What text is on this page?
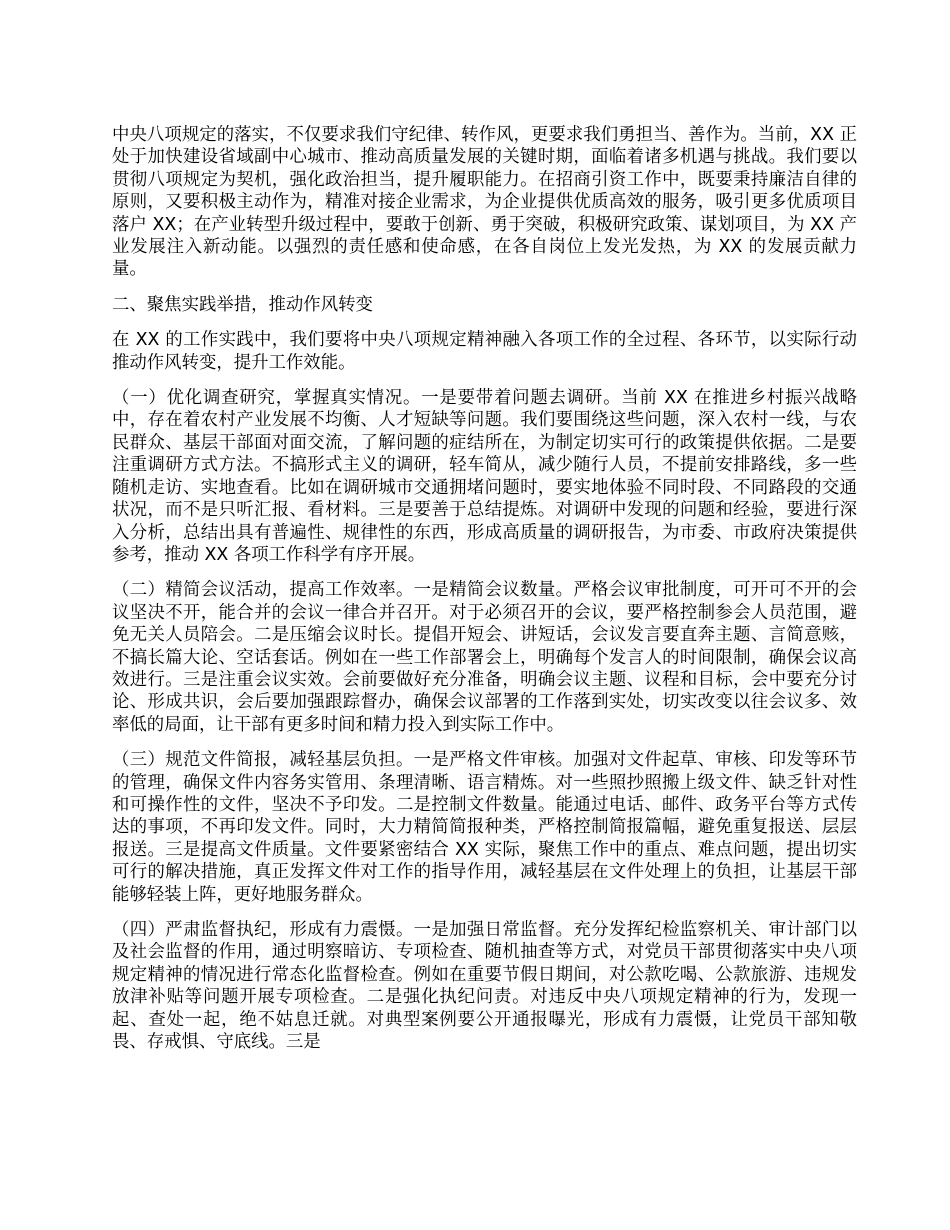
中央八项规定的落实，不仅要求我们守纪律、转作风，更要求我们勇担当、善作为。当前，XX 正处于加快建设省域副中心城市、推动高质量发展的关键时期，面临着诸多机遇与挑战。我们要以贯彻八项规定为契机，强化政治担当，提升履职能力。在招商引资工作中，既要秉持廉洁自律的原则，又要积极主动作为，精准对接企业需求，为企业提供优质高效的服务，吸引更多优质项目落户 XX；在产业转型升级过程中，要敢于创新、勇于突破，积极研究政策、谋划项目，为 XX 产业发展注入新动能。以强烈的责任感和使命感，在各自岗位上发光发热，为 XX 的发展贡献力量。

二、聚焦实践举措，推动作风转变

在 XX 的工作实践中，我们要将中央八项规定精神融入各项工作的全过程、各环节，以实际行动推动作风转变，提升工作效能。

（一）优化调查研究，掌握真实情况。一是要带着问题去调研。当前 XX 在推进乡村振兴战略中，存在着农村产业发展不均衡、人才短缺等问题。我们要围绕这些问题，深入农村一线，与农民群众、基层干部面对面交流，了解问题的症结所在，为制定切实可行的政策提供依据。二是要注重调研方式方法。不搞形式主义的调研，轻车简从，减少随行人员，不提前安排路线，多一些随机走访、实地查看。比如在调研城市交通拥堵问题时，要实地体验不同时段、不同路段的交通状况，而不是只听汇报、看材料。三是要善于总结提炼。对调研中发现的问题和经验，要进行深入分析，总结出具有普遍性、规律性的东西，形成高质量的调研报告，为市委、市政府决策提供参考，推动 XX 各项工作科学有序开展。

（二）精简会议活动，提高工作效率。一是精简会议数量。严格会议审批制度，可开可不开的会议坚决不开，能合并的会议一律合并召开。对于必须召开的会议，要严格控制参会人员范围，避免无关人员陪会。二是压缩会议时长。提倡开短会、讲短话，会议发言要直奔主题、言简意赅，不搞长篇大论、空话套话。例如在一些工作部署会上，明确每个发言人的时间限制，确保会议高效进行。三是注重会议实效。会前要做好充分准备，明确会议主题、议程和目标，会中要充分讨论、形成共识，会后要加强跟踪督办，确保会议部署的工作落到实处，切实改变以往会议多、效率低的局面，让干部有更多时间和精力投入到实际工作中。

（三）规范文件简报，减轻基层负担。一是严格文件审核。加强对文件起草、审核、印发等环节的管理，确保文件内容务实管用、条理清晰、语言精炼。对一些照抄照搬上级文件、缺乏针对性和可操作性的文件，坚决不予印发。二是控制文件数量。能通过电话、邮件、政务平台等方式传达的事项，不再印发文件。同时，大力精简简报种类，严格控制简报篇幅，避免重复报送、层层报送。三是提高文件质量。文件要紧密结合 XX 实际，聚焦工作中的重点、难点问题，提出切实可行的解决措施，真正发挥文件对工作的指导作用，减轻基层在文件处理上的负担，让基层干部能够轻装上阵，更好地服务群众。

（四）严肃监督执纪，形成有力震慑。一是加强日常监督。充分发挥纪检监察机关、审计部门以及社会监督的作用，通过明察暗访、专项检查、随机抽查等方式，对党员干部贯彻落实中央八项规定精神的情况进行常态化监督检查。例如在重要节假日期间，对公款吃喝、公款旅游、违规发放津补贴等问题开展专项检查。二是强化执纪问责。对违反中央八项规定精神的行为，发现一起、查处一起，绝不姑息迁就。对典型案例要公开通报曝光，形成有力震慑，让党员干部知敬畏、存戒惧、守底线。三是
